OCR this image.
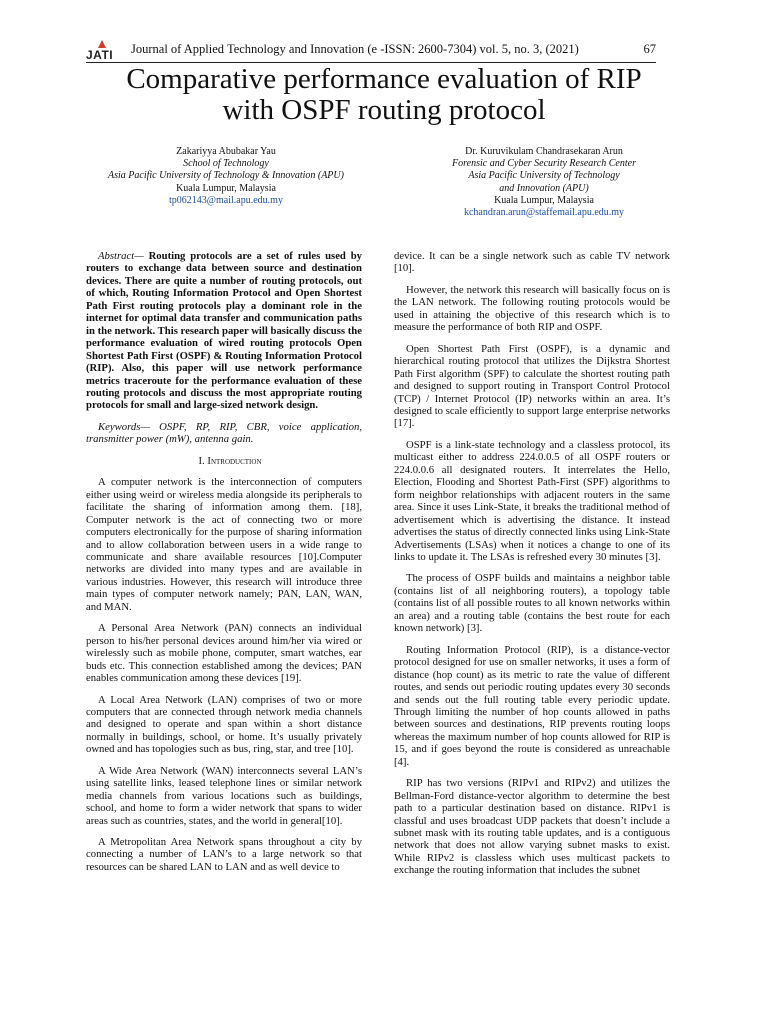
JATI Journal of Applied Technology and Innovation (e -ISSN: 2600-7304) vol. 5, no. 3, (2021)	67
Comparative performance evaluation of RIP
with OSPF routing protocol
Zakariyya Abubakar Yau
School of Technology
Asia Pacific University of Technology & Innovation (APU)
Kuala Lumpur, Malaysia
tp062143@mail.apu.edu.my
Dr. Kuruvikulam Chandrasekaran Arun
Forensic and Cyber Security Research Center
Asia Pacific University of Technology
and Innovation (APU)
Kuala Lumpur, Malaysia
kchandran.arun@staffemail.apu.edu.my

Abstract— Routing protocols are a set of rules used by routers to exchange data between source and destination devices. There are quite a number of routing protocols, out of which, Routing Information Protocol and Open Shortest Path First routing protocols play a dominant role in the internet for optimal data transfer and communication paths in the network. This research paper will basically discuss the performance evaluation of wired routing protocols Open Shortest Path First (OSPF) & Routing Information Protocol (RIP). Also, this paper will use network performance metrics traceroute for the performance evaluation of these routing protocols and discuss the most appropriate routing protocols for small and large-sized network design.

Keywords— OSPF, RP, RIP, CBR, voice application, transmitter power (mW), antenna gain.

I. Introduction

A computer network is the interconnection of computers either using weird or wireless media alongside its peripherals to facilitate the sharing of information among them. [18], Computer network is the act of connecting two or more computers electronically for the purpose of sharing information and to allow collaboration between users in a wide range to communicate and share available resources [10].Computer networks are divided into many types and are available in various industries. However, this research will introduce three main types of computer network namely; PAN, LAN, WAN, and MAN.

A Personal Area Network (PAN) connects an individual person to his/her personal devices around him/her via wired or wirelessly such as mobile phone, computer, smart watches, ear buds etc. This connection established among the devices; PAN enables communication among these devices [19].

A Local Area Network (LAN) comprises of two or more computers that are connected through network media channels and designed to operate and span within a short distance normally in buildings, school, or home. It’s usually privately owned and has topologies such as bus, ring, star, and tree [10].

A Wide Area Network (WAN) interconnects several LAN’s using satellite links, leased telephone lines or similar network media channels from various locations such as buildings, school, and home to form a wider network that spans to wider areas such as countries, states, and the world in general[10].

A Metropolitan Area Network spans throughout a city by connecting a number of LAN’s to a large network so that resources can be shared LAN to LAN and as well device to

device. It can be a single network such as cable TV network [10].

However, the network this research will basically focus on is the LAN network. The following routing protocols would be used in attaining the objective of this research which is to measure the performance of both RIP and OSPF.

Open Shortest Path First (OSPF), is a dynamic and hierarchical routing protocol that utilizes the Dijkstra Shortest Path First algorithm (SPF) to calculate the shortest routing path and designed to support routing in Transport Control Protocol (TCP) / Internet Protocol (IP) networks within an area. It’s designed to scale efficiently to support large enterprise networks [17].

OSPF is a link-state technology and a classless protocol, its multicast either to address 224.0.0.5 of all OSPF routers or 224.0.0.6 all designated routers. It interrelates the Hello, Election, Flooding and Shortest Path-First (SPF) algorithms to form neighbor relationships with adjacent routers in the same area. Since it uses Link-State, it breaks the traditional method of advertisement which is advertising the distance. It instead advertises the status of directly connected links using Link-State Advertisements (LSAs) when it notices a change to one of its links to update it. The LSAs is refreshed every 30 minutes [3].

The process of OSPF builds and maintains a neighbor table (contains list of all neighboring routers), a topology table (contains list of all possible routes to all known networks within an area) and a routing table (contains the best route for each known network) [3].

Routing Information Protocol (RIP), is a distance-vector protocol designed for use on smaller networks, it uses a form of distance (hop count) as its metric to rate the value of different routes, and sends out periodic routing updates every 30 seconds and sends out the full routing table every periodic update. Through limiting the number of hop counts allowed in paths between sources and destinations, RIP prevents routing loops whereas the maximum number of hop counts allowed for RIP is 15, and if goes beyond the route is considered as unreachable [4].

RIP has two versions (RIPv1 and RIPv2) and utilizes the Bellman-Ford distance-vector algorithm to determine the best path to a particular destination based on distance. RIPv1 is classful and uses broadcast UDP packets that doesn’t include a subnet mask with its routing table updates, and is a contiguous network that does not allow varying subnet masks to exist. While RIPv2 is classless which uses multicast packets to exchange the routing information that includes the subnet
